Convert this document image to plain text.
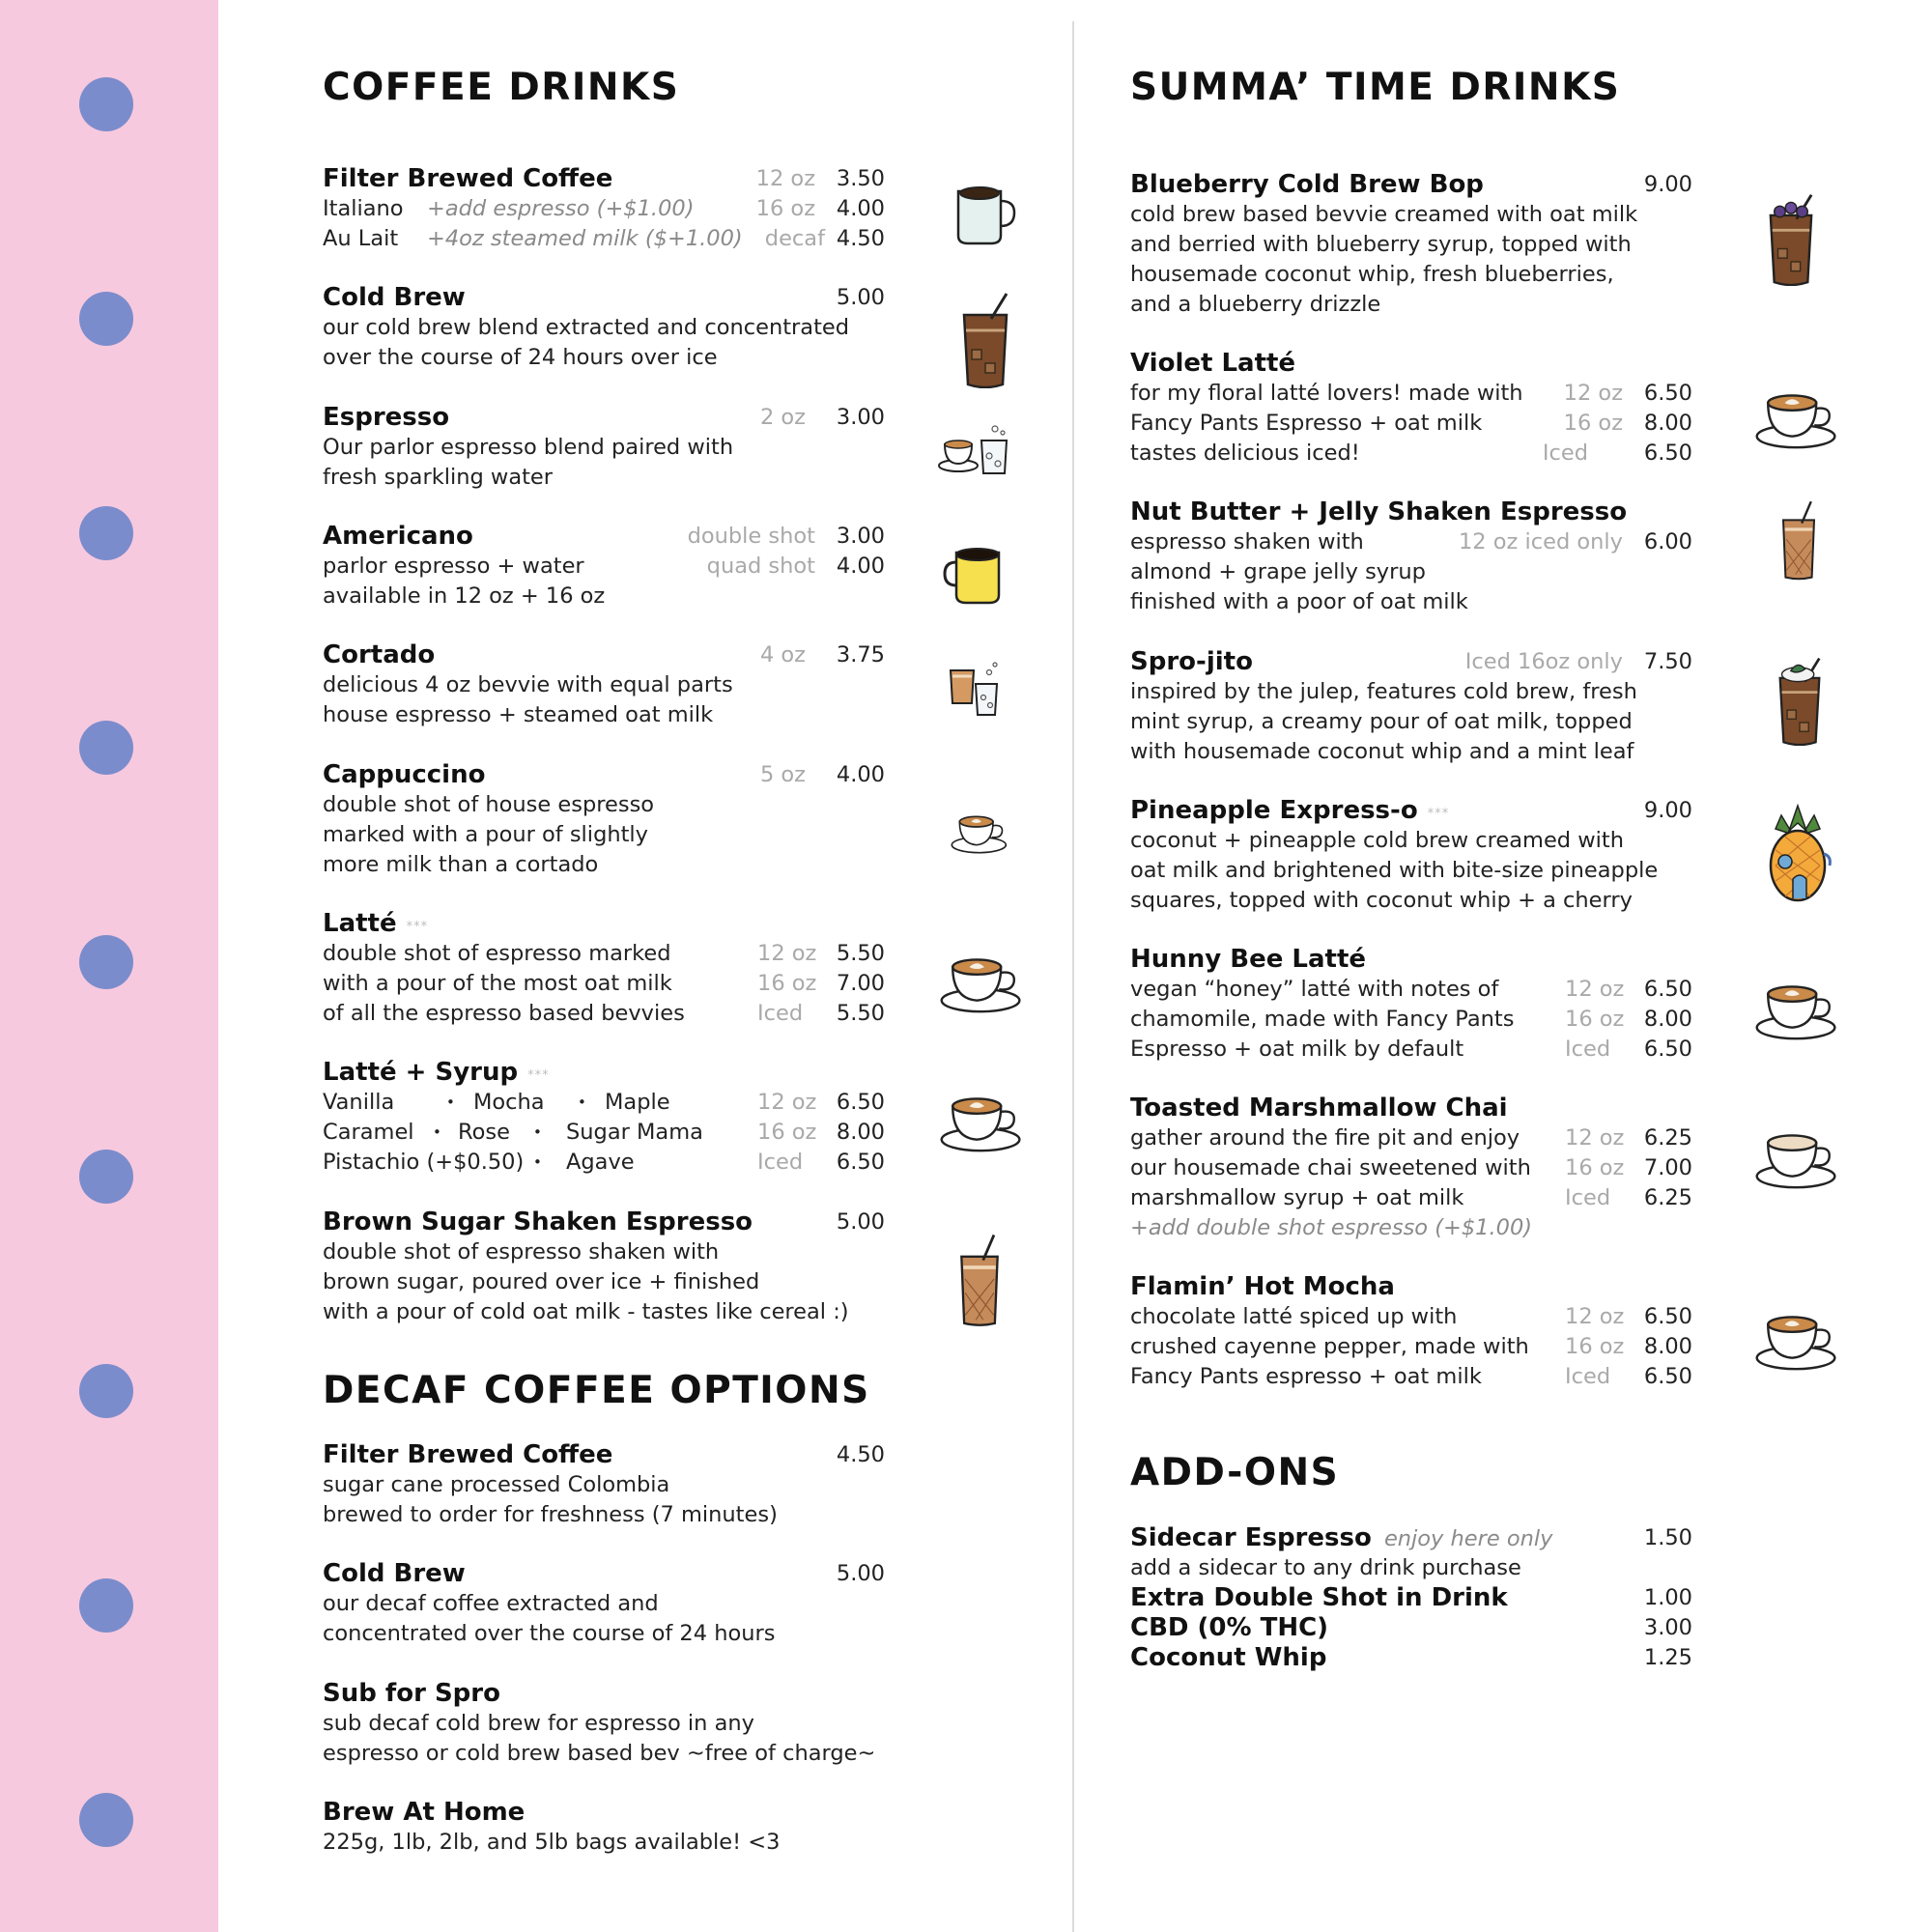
COFFEE DRINKS
Filter Brewed Coffee	12 oz 3.50
Italiano +add espresso (+$1.00)	16 oz 4.00
Au Lait +4oz steamed milk ($+1.00) decaf 4.50
Cold Brew	5.00
our cold brew blend extracted and concentrated
over the course of 24 hours over ice
Espresso	2 oz 3.00
Our parlor espresso blend paired with
fresh sparkling water
Americano	double shot 3.00
parlor espresso + water	quad shot 4.00
available in 12 oz + 16 oz
Cortado	4 oz 3.75
delicious 4 oz bevvie with equal parts
house espresso + steamed oat milk
Cappuccino	5 oz 4.00
double shot of house espresso
marked with a pour of slightly
more milk than a cortado
Latté ***
double shot of espresso marked	12 oz 5.50
with a pour of the most oat milk	16 oz 7.00
of all the espresso based bevvies	Iced	5.50
Latté + Syrup ***
Vanilla	• Mocha • Maple	12 oz 6.50
Caramel • Rose • Sugar Mama 16 oz 8.00
Pistachio (+$0.50) • Agave	Iced	6.50
Brown Sugar Shaken Espresso	5.00
double shot of espresso shaken with
brown sugar, poured over ice + finished
with a pour of cold oat milk - tastes like cereal :)
DECAF COFFEE OPTIONS
Filter Brewed Coffee	4.50
sugar cane processed Colombia
brewed to order for freshness (7 minutes)
Cold Brew	5.00
our decaf coffee extracted and
concentrated over the course of 24 hours
Sub for Spro
sub decaf cold brew for espresso in any
espresso or cold brew based bev ~free of charge~
Brew At Home
225g, 1lb, 2lb, and 5lb bags available! <3
SUMMA’ TIME DRINKS
Blueberry Cold Brew Bop	9.00
cold brew based bevvie creamed with oat milk
and berried with blueberry syrup, topped with
housemade coconut whip, fresh blueberries,
and a blueberry drizzle
Violet Latté
for my floral latté lovers! made with 12 oz 6.50
Fancy Pants Espresso + oat milk	16 oz 8.00
tastes delicious iced!	Iced	6.50
Nut Butter + Jelly Shaken Espresso
espresso shaken with	12 oz iced only 6.00
almond + grape jelly syrup
finished with a poor of oat milk
Spro-jito	Iced 16oz only 7.50
inspired by the julep, features cold brew, fresh
mint syrup, a creamy pour of oat milk, topped
with housemade coconut whip and a mint leaf
Pineapple Express-o ***	9.00
coconut + pineapple cold brew creamed with
oat milk and brightened with bite-size pineapple
squares, topped with coconut whip + a cherry
Hunny Bee Latté
vegan “honey” latté with notes of	12 oz 6.50
chamomile, made with Fancy Pants 16 oz 8.00
Espresso + oat milk by default	Iced	6.50
Toasted Marshmallow Chai
gather around the fire pit and enjoy 12 oz 6.25
our housemade chai sweetened with 16 oz 7.00
marshmallow syrup + oat milk	Iced	6.25
+add double shot espresso (+$1.00)
Flamin’ Hot Mocha
chocolate latté spiced up with	12 oz 6.50
crushed cayenne pepper, made with 16 oz 8.00
Fancy Pants espresso + oat milk	Iced	6.50
ADD-ONS
Sidecar Espresso enjoy here only	1.50
add a sidecar to any drink purchase
Extra Double Shot in Drink	1.00
CBD (0% THC)	3.00
Coconut Whip	1.25
